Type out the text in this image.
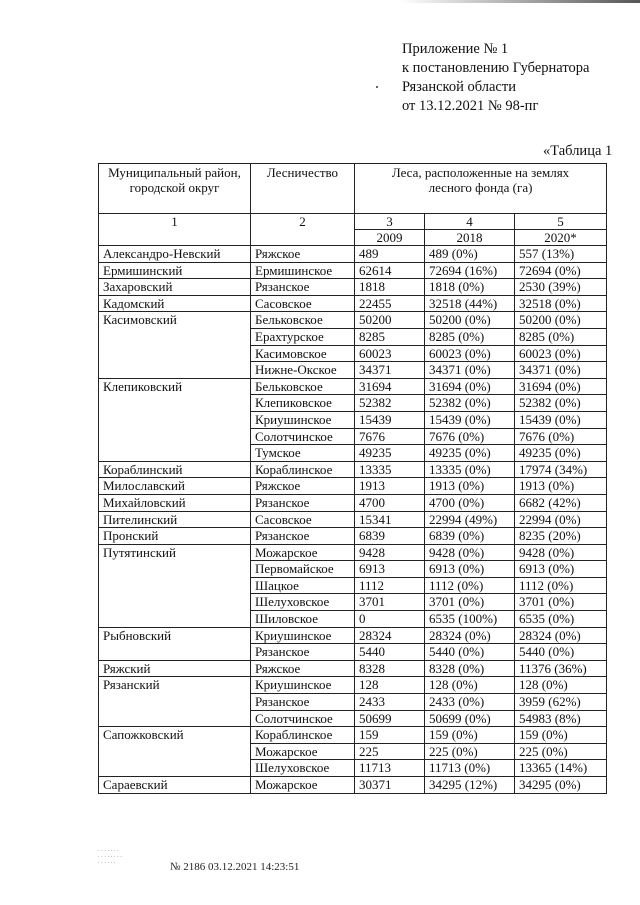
Приложение № 1
к постановлению Губернатора
Рязанской области
от 13.12.2021 № 98-пг
«Таблица 1
Муниципальный район, городской округ	Лесничество	Леса, расположенные на землях лесного фонда (га)		
1	2	3	4	5
		2009	2018	2020*
Александро-Невский	Ряжское	489	489 (0%)	557 (13%)
Ермишинский	Ермишинское	62614	72694 (16%)	72694 (0%)
Захаровский	Рязанское	1818	1818 (0%)	2530 (39%)
Кадомский	Сасовское	22455	32518 (44%)	32518 (0%)
Касимовский	Бельковское	50200	50200 (0%)	50200 (0%)
	Ерахтурское	8285	8285 (0%)	8285 (0%)
	Касимовское	60023	60023 (0%)	60023 (0%)
	Нижне-Окское	34371	34371 (0%)	34371 (0%)
Клепиковский	Бельковское	31694	31694 (0%)	31694 (0%)
	Клепиковское	52382	52382 (0%)	52382 (0%)
	Криушинское	15439	15439 (0%)	15439 (0%)
	Солотчинское	7676	7676 (0%)	7676 (0%)
	Тумское	49235	49235 (0%)	49235 (0%)
Кораблинский	Кораблинское	13335	13335 (0%)	17974 (34%)
Милославский	Ряжское	1913	1913 (0%)	1913 (0%)
Михайловский	Рязанское	4700	4700 (0%)	6682 (42%)
Пителинский	Сасовское	15341	22994 (49%)	22994 (0%)
Пронский	Рязанское	6839	6839 (0%)	8235 (20%)
Путятинский	Можарское	9428	9428 (0%)	9428 (0%)
	Первомайское	6913	6913 (0%)	6913 (0%)
	Шацкое	1112	1112 (0%)	1112 (0%)
	Шелуховское	3701	3701 (0%)	3701 (0%)
	Шиловское	0	6535 (100%)	6535 (0%)
Рыбновский	Криушинское	28324	28324 (0%)	28324 (0%)
	Рязанское	5440	5440 (0%)	5440 (0%)
Ряжский	Ряжское	8328	8328 (0%)	11376 (36%)
Рязанский	Криушинское	128	128 (0%)	128 (0%)
	Рязанское	2433	2433 (0%)	3959 (62%)
	Солотчинское	50699	50699 (0%)	54983 (8%)
Сапожковский	Кораблинское	159	159 (0%)	159 (0%)
	Можарское	225	225 (0%)	225 (0%)
	Шелуховское	11713	11713 (0%)	13365 (14%)
Сараевский	Можарское	30371	34295 (12%)	34295 (0%)
· · · · · · ·
· · · · · · · ·
· · · · · ·	№ 2186 03.12.2021 14:23:51
